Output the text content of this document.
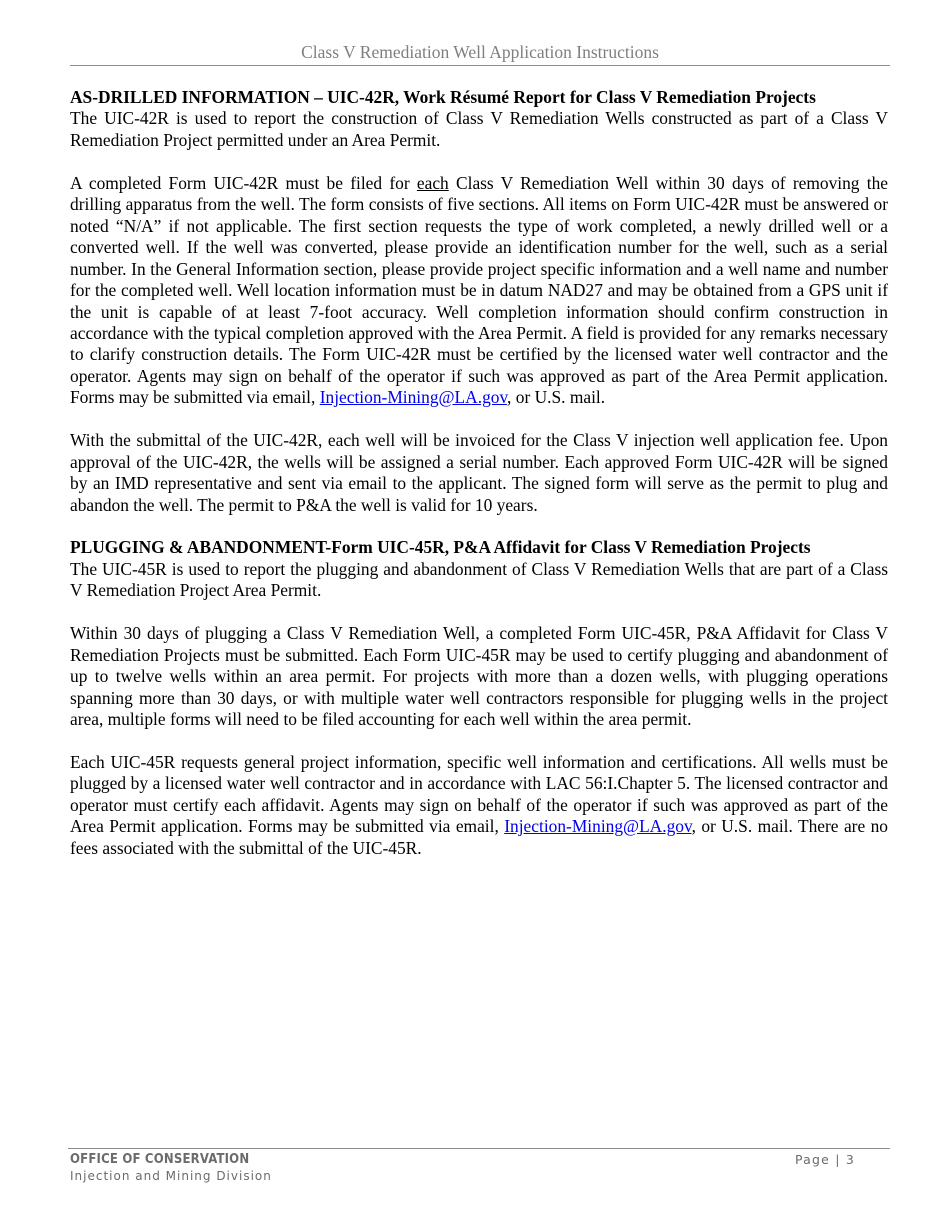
Class V Remediation Well Application Instructions
AS-DRILLED INFORMATION – UIC-42R, Work Résumé Report for Class V Remediation Projects

The UIC-42R is used to report the construction of Class V Remediation Wells constructed as part of a Class V Remediation Project permitted under an Area Permit.

A completed Form UIC-42R must be filed for each Class V Remediation Well within 30 days of removing the drilling apparatus from the well. The form consists of five sections. All items on Form UIC-42R must be answered or noted “N/A” if not applicable. The first section requests the type of work completed, a newly drilled well or a converted well. If the well was converted, please provide an identification number for the well, such as a serial number. In the General Information section, please provide project specific information and a well name and number for the completed well. Well location information must be in datum NAD27 and may be obtained from a GPS unit if the unit is capable of at least 7-foot accuracy. Well completion information should confirm construction in accordance with the typical completion approved with the Area Permit. A field is provided for any remarks necessary to clarify construction details. The Form UIC-42R must be certified by the licensed water well contractor and the operator. Agents may sign on behalf of the operator if such was approved as part of the Area Permit application. Forms may be submitted via email, Injection-Mining@LA.gov, or U.S. mail.

With the submittal of the UIC-42R, each well will be invoiced for the Class V injection well application fee. Upon approval of the UIC-42R, the wells will be assigned a serial number. Each approved Form UIC-42R will be signed by an IMD representative and sent via email to the applicant. The signed form will serve as the permit to plug and abandon the well. The permit to P&A the well is valid for 10 years.

PLUGGING & ABANDONMENT-Form UIC-45R, P&A Affidavit for Class V Remediation Projects

The UIC-45R is used to report the plugging and abandonment of Class V Remediation Wells that are part of a Class V Remediation Project Area Permit.

Within 30 days of plugging a Class V Remediation Well, a completed Form UIC-45R, P&A Affidavit for Class V Remediation Projects must be submitted. Each Form UIC-45R may be used to certify plugging and abandonment of up to twelve wells within an area permit. For projects with more than a dozen wells, with plugging operations spanning more than 30 days, or with multiple water well contractors responsible for plugging wells in the project area, multiple forms will need to be filed accounting for each well within the area permit.

Each UIC-45R requests general project information, specific well information and certifications. All wells must be plugged by a licensed water well contractor and in accordance with LAC 56:I.Chapter 5. The licensed contractor and operator must certify each affidavit. Agents may sign on behalf of the operator if such was approved as part of the Area Permit application. Forms may be submitted via email, Injection-Mining@LA.gov, or U.S. mail. There are no fees associated with the submittal of the UIC-45R.

OFFICE OF CONSERVATION
Injection and Mining Division
Page | 3
